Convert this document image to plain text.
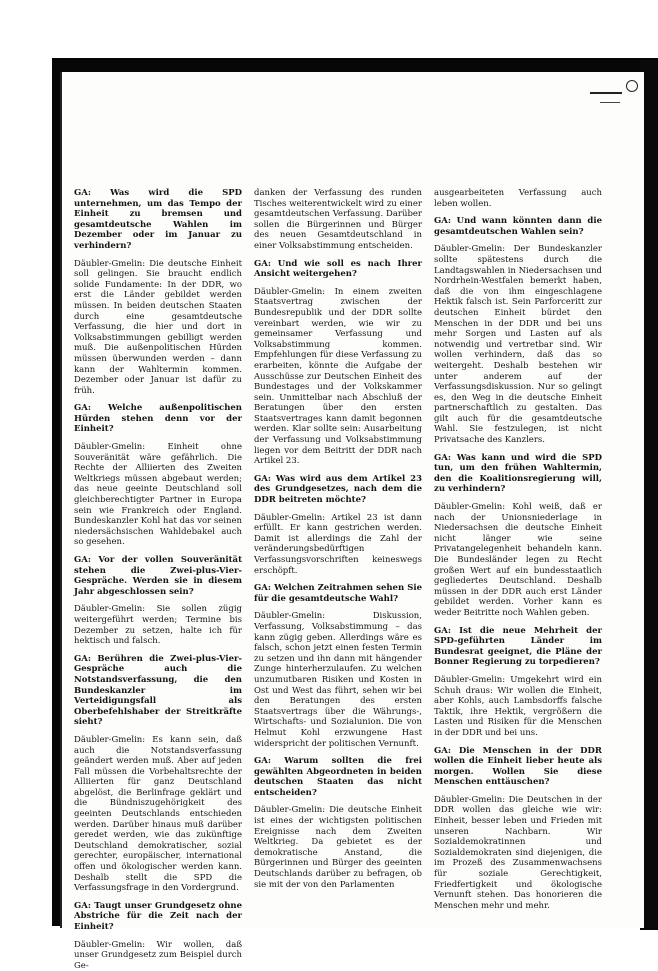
GA: Was wird die SPD unternehmen, um das Tempo der Einheit zu bremsen und gesamtdeutsche Wahlen im Dezember oder im Januar zu verhindern?

Däubler-Gmelin: Die deutsche Einheit soll gelingen. Sie braucht endlich solide Fundamente: In der DDR, wo erst die Länder gebildet werden müssen. In beiden deutschen Staaten durch eine gesamtdeutsche Verfassung, die hier und dort in Volksabstimmungen gebilligt werden muß. Die außenpolitischen Hürden müssen überwunden werden – dann kann der Wahltermin kommen. Dezember oder Januar ist dafür zu früh.

GA: Welche außenpolitischen Hürden stehen denn vor der Einheit?

Däubler-Gmelin: Einheit ohne Souveränität wäre gefährlich. Die Rechte der Alliierten des Zweiten Weltkriegs müssen abgebaut werden; das neue geeinte Deutschland soll gleichberechtigter Partner in Europa sein wie Frankreich oder England. Bundeskanzler Kohl hat das vor seinen niedersächsischen Wahldebakel auch so gesehen.

GA: Vor der vollen Souveränität stehen die Zwei-plus-Vier-Gespräche. Werden sie in diesem Jahr abgeschlossen sein?

Däubler-Gmelin: Sie sollen zügig weitergeführt werden; Termine bis Dezember zu setzen, halte ich für hektisch und falsch.

GA: Berühren die Zwei-plus-Vier-Gespräche auch die Notstandsverfassung, die den Bundeskanzler im Verteidigungsfall als Oberbefehlshaber der Streitkräfte sieht?

Däubler-Gmelin: Es kann sein, daß auch die Notstandsverfassung geändert werden muß. Aber auf jeden Fall müssen die Vorbehaltsrechte der Alliierten für ganz Deutschland abgelöst, die Berlinfrage geklärt und die Bündniszugehörigkeit des geeinten Deutschlands entschieden werden. Darüber hinaus muß darüber geredet werden, wie das zukünftige Deutschland demokratischer, sozial gerechter, europäischer, international offen und ökologischer werden kann. Deshalb stellt die SPD die Verfassungsfrage in den Vordergrund.

GA: Taugt unser Grundgesetz ohne Abstriche für die Zeit nach der Einheit?

Däubler-Gmelin: Wir wollen, daß unser Grundgesetz zum Beispiel durch Ge-

danken der Verfassung des runden Tisches weiterentwickelt wird zu einer gesamtdeutschen Verfassung. Darüber sollen die Bürgerinnen und Bürger des neuen Gesamtdeutschland in einer Volksabstimmung entscheiden.

GA: Und wie soll es nach Ihrer Ansicht weitergehen?

Däubler-Gmelin: In einem zweiten Staatsvertrag zwischen der Bundesrepublik und der DDR sollte vereinbart werden, wie wir zu gemeinsamer Verfassung und Volksabstimmung kommen. Empfehlungen für diese Verfassung zu erarbeiten, könnte die Aufgabe der Ausschüsse zur Deutschen Einheit des Bundestages und der Volkskammer sein. Unmittelbar nach Abschluß der Beratungen über den ersten Staatsvertrages kann damit begonnen werden. Klar sollte sein: Ausarbeitung der Verfassung und Volksabstimmung liegen vor dem Beitritt der DDR nach Artikel 23.

GA: Was wird aus dem Artikel 23 des Grundgesetzes, nach dem die DDR beitreten möchte?

Däubler-Gmelin: Artikel 23 ist dann erfüllt. Er kann gestrichen werden. Damit ist allerdings die Zahl der veränderungsbedürftigen Verfassungsvorschriften keineswegs erschöpft.

GA: Welchen Zeitrahmen sehen Sie für die gesamtdeutsche Wahl?

Däubler-Gmelin: Diskussion, Verfassung, Volksabstimmung – das kann zügig geben. Allerdings wäre es falsch, schon jetzt einen festen Termin zu setzen und ihn dann mit hängender Zunge hinterherzulaufen. Zu welchen unzumutbaren Risiken und Kosten in Ost und West das führt, sehen wir bei den Beratungen des ersten Staatsvertrags über die Währungs-, Wirtschafts- und Sozialunion. Die von Helmut Kohl erzwungene Hast widerspricht der politischen Vernunft.

GA: Warum sollten die frei gewählten Abgeordneten in beiden deutschen Staaten das nicht entscheiden?

Däubler-Gmelin: Die deutsche Einheit ist eines der wichtigsten politischen Ereignisse nach dem Zweiten Weltkrieg. Da gebietet es der demokratische Anstand, die Bürgerinnen und Bürger des geeinten Deutschlands darüber zu befragen, ob sie mit der von den Parlamenten

ausgearbeiteten Verfassung auch leben wollen.

GA: Und wann könnten dann die gesamtdeutschen Wahlen sein?

Däubler-Gmelin: Der Bundeskanzler sollte spätestens durch die Landtagswahlen in Niedersachsen und Nordrhein-Westfalen bemerkt haben, daß die von ihm eingeschlagene Hektik falsch ist. Sein Parforceritt zur deutschen Einheit bürdet den Menschen in der DDR und bei uns mehr Sorgen und Lasten auf als notwendig und vertretbar sind. Wir wollen verhindern, daß das so weitergeht. Deshalb bestehen wir unter anderem auf der Verfassungsdiskussion. Nur so gelingt es, den Weg in die deutsche Einheit partnerschaftlich zu gestalten. Das gilt auch für die gesamtdeutsche Wahl. Sie festzulegen, ist nicht Privatsache des Kanzlers.

GA: Was kann und wird die SPD tun, um den frühen Wahltermin, den die Koalitionsregierung will, zu verhindern?

Däubler-Gmelin: Kohl weiß, daß er nach der Unionsniederlage in Niedersachsen die deutsche Einheit nicht länger wie seine Privatangelegenheit behandeln kann. Die Bundesländer legen zu Recht großen Wert auf ein bundesstaatlich gegliedertes Deutschland. Deshalb müssen in der DDR auch erst Länder gebildet werden. Vorher kann es weder Beitritte noch Wahlen geben.

GA: Ist die neue Mehrheit der SPD-geführten Länder im Bundesrat geeignet, die Pläne der Bonner Regierung zu torpedieren?

Däubler-Gmelin: Umgekehrt wird ein Schuh draus: Wir wollen die Einheit, aber Kohls, auch Lambsdorffs falsche Taktik, ihre Hektik, vergrößern die Lasten und Risiken für die Menschen in der DDR und bei uns.

GA: Die Menschen in der DDR wollen die Einheit lieber heute als morgen. Wollen Sie diese Menschen enttäuschen?

Däubler-Gmelin: Die Deutschen in der DDR wollen das gleiche wie wir: Einheit, besser leben und Frieden mit unseren Nachbarn. Wir Sozialdemokratinnen und Sozialdemokraten sind diejenigen, die im Prozeß des Zusammenwachsens für soziale Gerechtigkeit, Friedfertigkeit und ökologische Vernunft stehen. Das honorieren die Menschen mehr und mehr.
